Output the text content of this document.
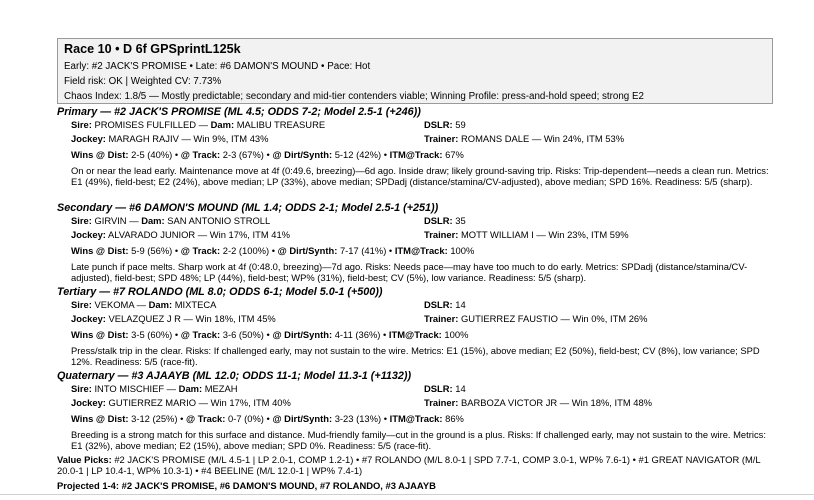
Race 10 • D 6f GPSprintL125k
Early: #2 JACK'S PROMISE • Late: #6 DAMON'S MOUND • Pace: Hot
Field risk: OK | Weighted CV: 7.73%
Chaos Index: 1.8/5 — Mostly predictable; secondary and mid-tier contenders viable; Winning Profile: press-and-hold speed; strong E2
Primary — #2 JACK'S PROMISE (ML 4.5; ODDS 7-2; Model 2.5-1 (+246))
Sire: PROMISES FULFILLED — Dam: MALIBU TREASURE	DSLR: 59
Jockey: MARAGH RAJIV — Win 9%, ITM 43%	Trainer: ROMANS DALE — Win 24%, ITM 53%
Wins @ Dist: 2-5 (40%) • @ Track: 2-3 (67%) • @ Dirt/Synth: 5-12 (42%) • ITM@Track: 67%
On or near the lead early. Maintenance move at 4f (0:49.6, breezing)—6d ago. Inside draw; likely ground-saving trip. Risks: Trip-dependent—needs a clean run. Metrics: E1 (49%), field-best; E2 (24%), above median; LP (33%), above median; SPDadj (distance/stamina/CV-adjusted), above median; SPD 16%. Readiness: 5/5 (sharp).
Secondary — #6 DAMON'S MOUND (ML 1.4; ODDS 2-1; Model 2.5-1 (+251))
Sire: GIRVIN — Dam: SAN ANTONIO STROLL	DSLR: 35
Jockey: ALVARADO JUNIOR — Win 17%, ITM 41%	Trainer: MOTT WILLIAM I — Win 23%, ITM 59%
Wins @ Dist: 5-9 (56%) • @ Track: 2-2 (100%) • @ Dirt/Synth: 7-17 (41%) • ITM@Track: 100%
Late punch if pace melts. Sharp work at 4f (0:48.0, breezing)—7d ago. Risks: Needs pace—may have too much to do early. Metrics: SPDadj (distance/stamina/CV-adjusted), field-best; SPD 48%; LP (44%), field-best; WP% (31%), field-best; CV (5%), low variance. Readiness: 5/5 (sharp).
Tertiary — #7 ROLANDO (ML 8.0; ODDS 6-1; Model 5.0-1 (+500))
Sire: VEKOMA — Dam: MIXTECA	DSLR: 14
Jockey: VELAZQUEZ J R — Win 18%, ITM 45%	Trainer: GUTIERREZ FAUSTIO — Win 0%, ITM 26%
Wins @ Dist: 3-5 (60%) • @ Track: 3-6 (50%) • @ Dirt/Synth: 4-11 (36%) • ITM@Track: 100%
Press/stalk trip in the clear. Risks: If challenged early, may not sustain to the wire. Metrics: E1 (15%), above median; E2 (50%), field-best; CV (8%), low variance; SPD 12%. Readiness: 5/5 (race-fit).
Quaternary — #3 AJAAYB (ML 12.0; ODDS 11-1; Model 11.3-1 (+1132))
Sire: INTO MISCHIEF — Dam: MEZAH	DSLR: 14
Jockey: GUTIERREZ MARIO — Win 17%, ITM 40%	Trainer: BARBOZA VICTOR JR — Win 18%, ITM 48%
Wins @ Dist: 3-12 (25%) • @ Track: 0-7 (0%) • @ Dirt/Synth: 3-23 (13%) • ITM@Track: 86%
Breeding is a strong match for this surface and distance. Mud-friendly family—cut in the ground is a plus. Risks: If challenged early, may not sustain to the wire. Metrics: E1 (32%), above median; E2 (15%), above median; SPD 0%. Readiness: 5/5 (race-fit).
Value Picks: #2 JACK'S PROMISE (M/L 4.5-1 | LP 2.0-1, COMP 1.2-1) • #7 ROLANDO (M/L 8.0-1 | SPD 7.7-1, COMP 3.0-1, WP% 7.6-1) • #1 GREAT NAVIGATOR (M/L 20.0-1 | LP 10.4-1, WP% 10.3-1) • #4 BEELINE (M/L 12.0-1 | WP% 7.4-1)
Projected 1-4: #2 JACK'S PROMISE, #6 DAMON'S MOUND, #7 ROLANDO, #3 AJAAYB
